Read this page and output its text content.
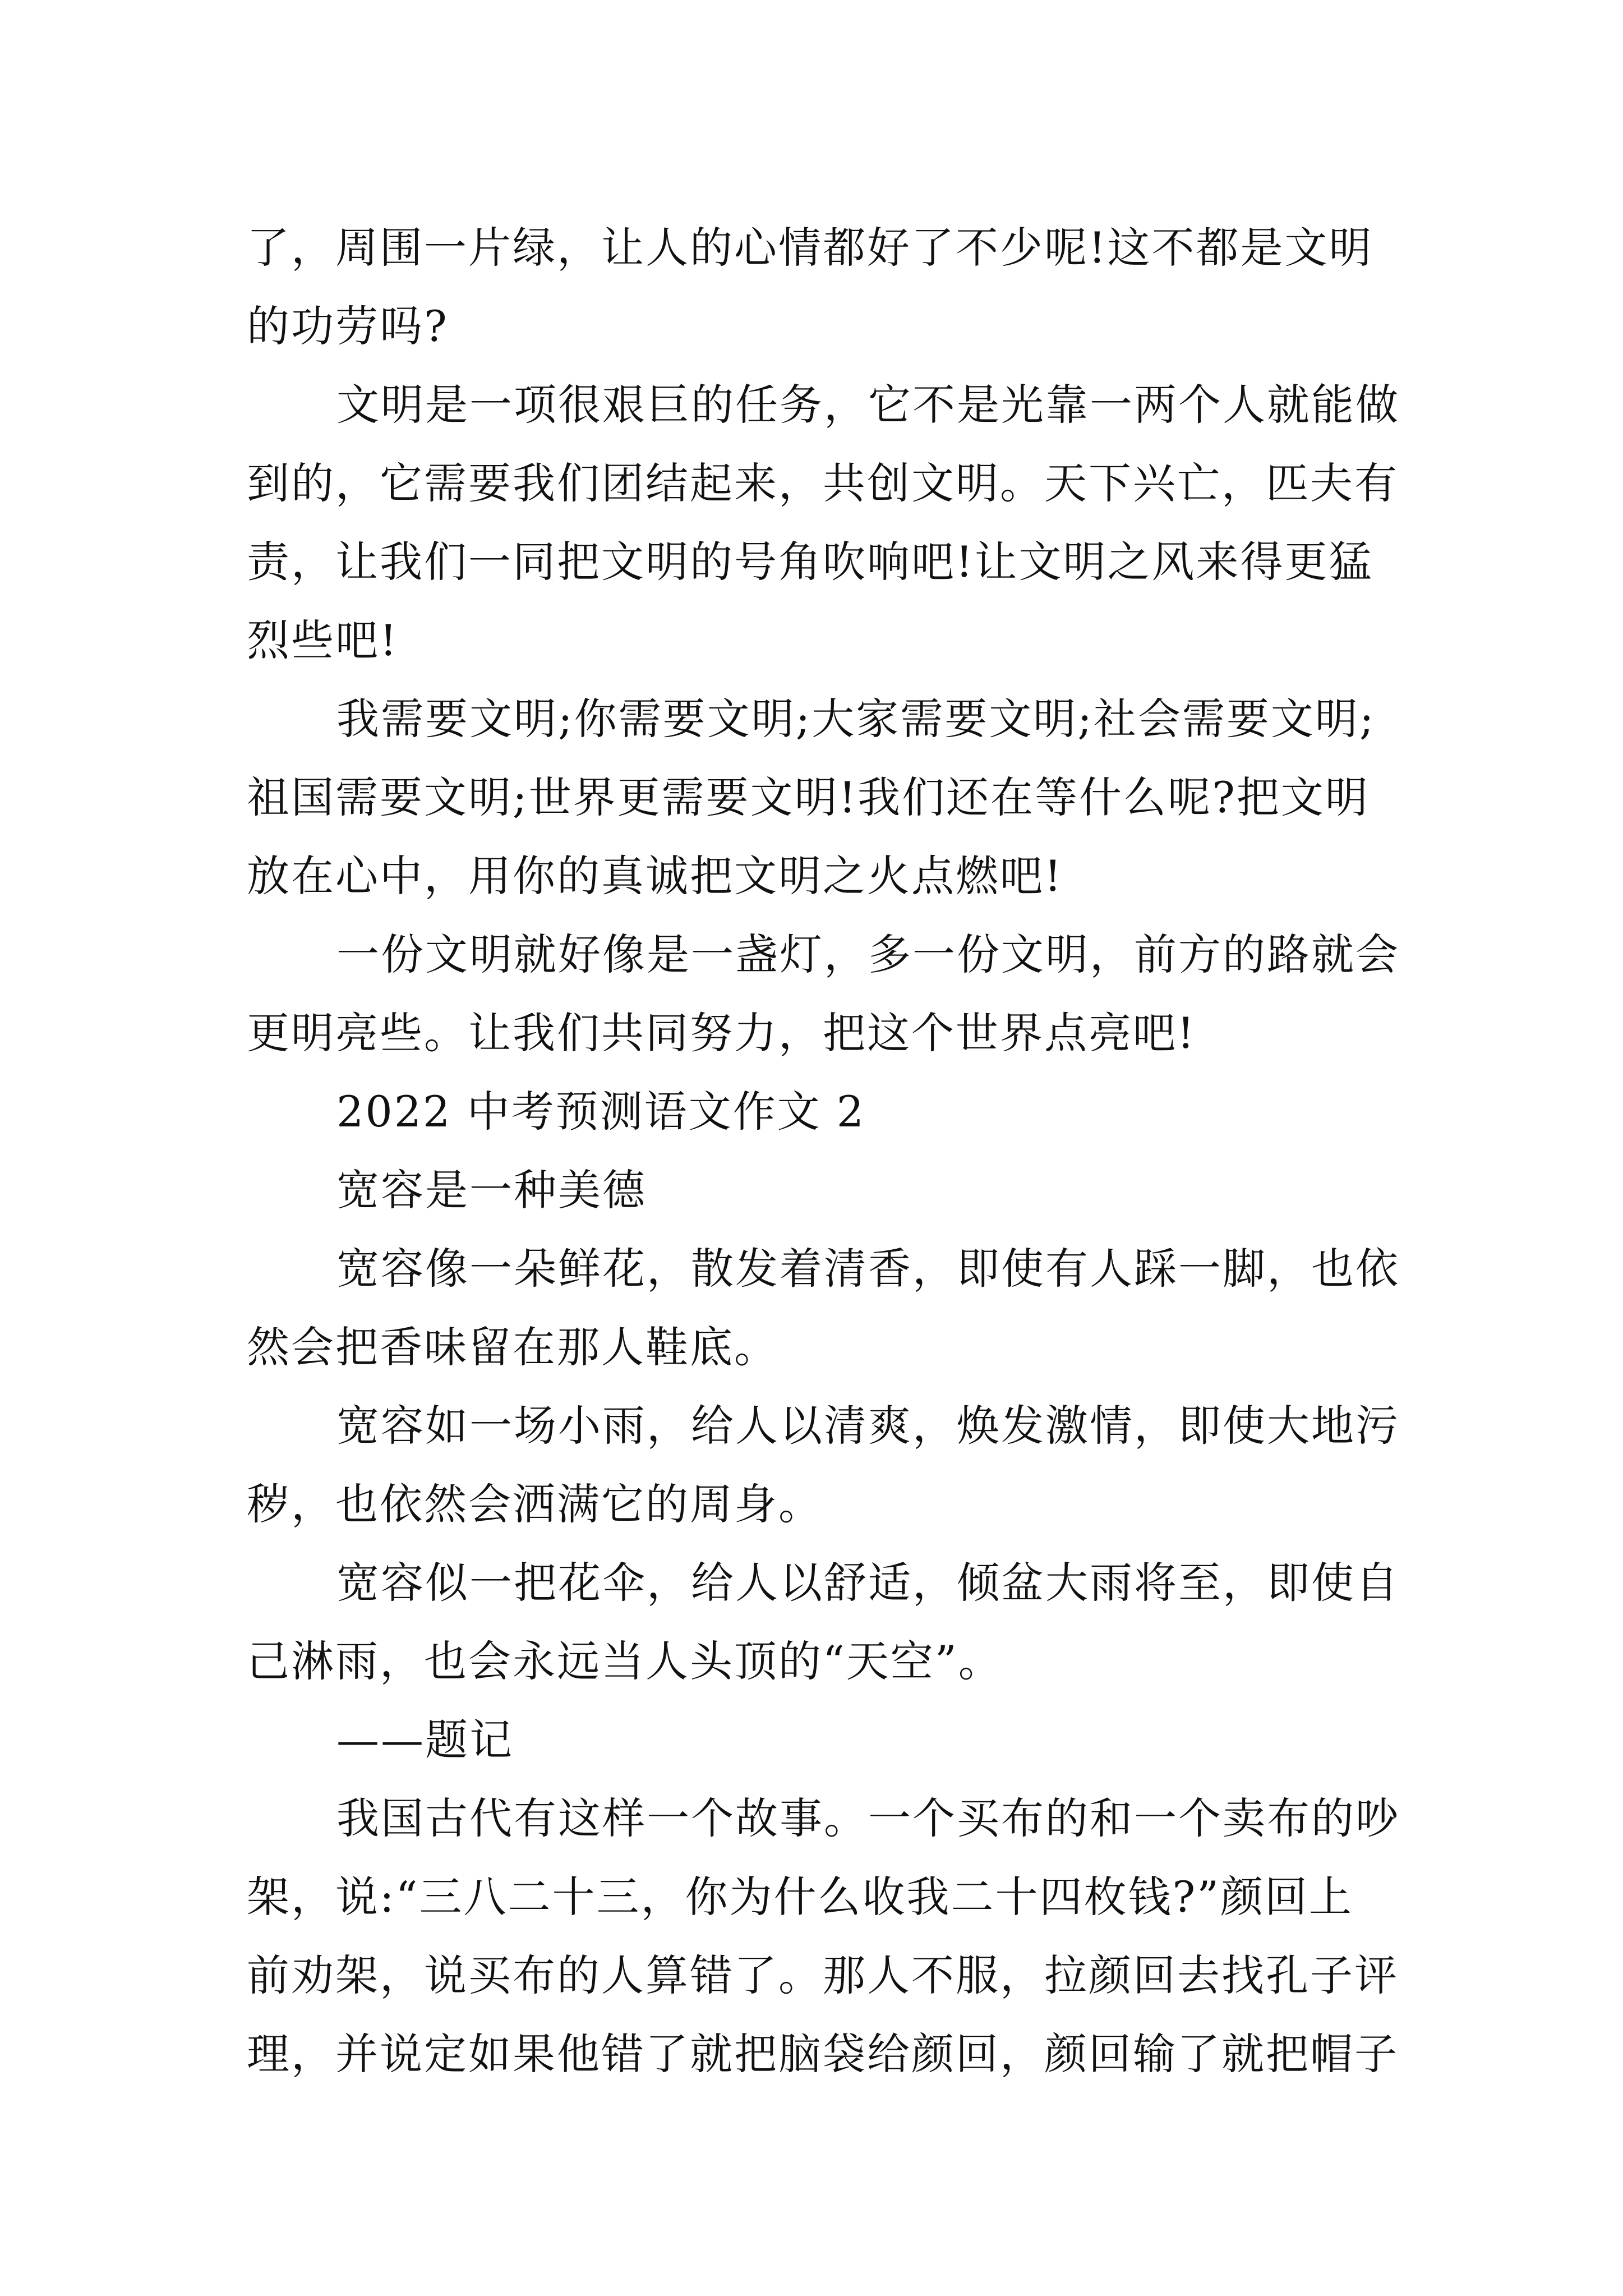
了，周围一片绿，让人的心情都好了不少呢!这不都是文明
的功劳吗?
文明是一项很艰巨的任务，它不是光靠一两个人就能做
到的，它需要我们团结起来，共创文明。天下兴亡，匹夫有
责，让我们一同把文明的号角吹响吧!让文明之风来得更猛
烈些吧!
我需要文明;你需要文明;大家需要文明;社会需要文明;
祖国需要文明;世界更需要文明!我们还在等什么呢?把文明
放在心中，用你的真诚把文明之火点燃吧!
一份文明就好像是一盏灯，多一份文明，前方的路就会
更明亮些。让我们共同努力，把这个世界点亮吧!
2022 中考预测语文作文 2
宽容是一种美德
宽容像一朵鲜花，散发着清香，即使有人踩一脚，也依
然会把香味留在那人鞋底。
宽容如一场小雨，给人以清爽，焕发激情，即使大地污
秽，也依然会洒满它的周身。
宽容似一把花伞，给人以舒适，倾盆大雨将至，即使自
己淋雨，也会永远当人头顶的“天空”。
——题记
我国古代有这样一个故事。一个买布的和一个卖布的吵
架，说:“三八二十三，你为什么收我二十四枚钱?”颜回上
前劝架，说买布的人算错了。那人不服，拉颜回去找孔子评
理，并说定如果他错了就把脑袋给颜回，颜回输了就把帽子
